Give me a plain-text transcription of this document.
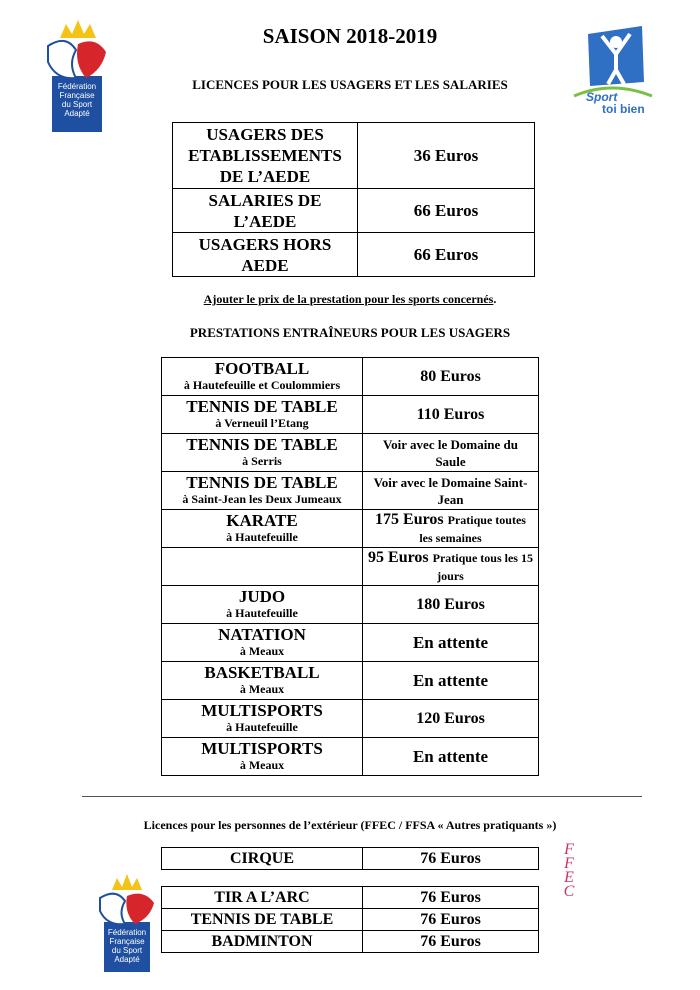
Fédération
Française
du Sport
Adapté
Sport
toi bien
SAISON 2018-2019
LICENCES POUR LES USAGERS ET LES SALARIES
USAGERS DES ETABLISSEMENTS DE L’AEDE	36 Euros
SALARIES DE L’AEDE	66 Euros
USAGERS HORS AEDE	66 Euros
Ajouter le prix de la prestation pour les sports concernés.
PRESTATIONS ENTRAÎNEURS POUR LES USAGERS
FOOTBALL
à Hautefeuille et Coulommiers	80 Euros

TENNIS DE TABLE
à Verneuil l’Etang	110 Euros

TENNIS DE TABLE
à Serris	Voir avec le Domaine du Saule

TENNIS DE TABLE
à Saint-Jean les Deux Jumeaux	Voir avec le Domaine Saint-Jean

KARATE
à Hautefeuille	175 Euros Pratique toutes les semaines
	95 Euros Pratique tous les 15 jours

JUDO
à Hautefeuille	180 Euros

NATATION
à Meaux	En attente

BASKETBALL
à Meaux	En attente

MULTISPORTS
à Hautefeuille	120 Euros

MULTISPORTS
à Meaux	En attente
Licences pour les personnes de l’extérieur (FFEC / FFSA « Autres pratiquants »)
CIRQUE	76 Euros
F
F
E
C
TIR A L’ARC	76 Euros
TENNIS DE TABLE	76 Euros
BADMINTON	76 Euros
Fédération
Française
du Sport
Adapté
